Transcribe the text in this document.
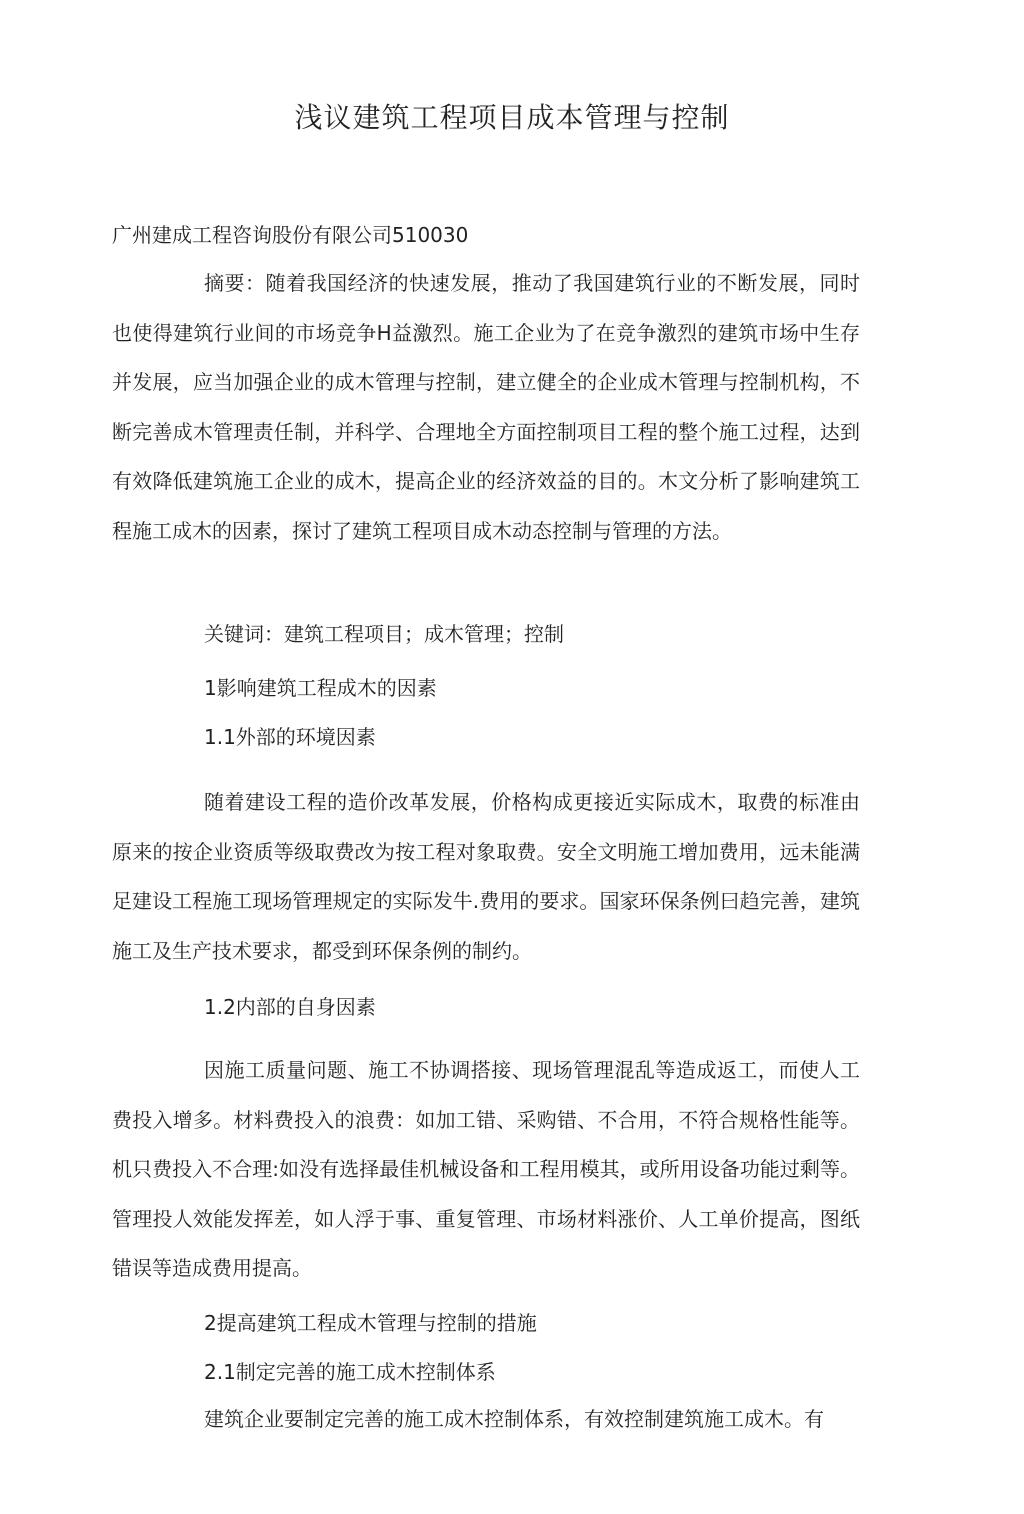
浅议建筑工程项目成本管理与控制
广州建成工程咨询股份有限公司510030

摘要：随着我国经济的快速发展，推动了我国建筑行业的不断发展，同时也使得建筑行业间的市场竞争H益激烈。施工企业为了在竞争激烈的建筑市场中生存并发展，应当加强企业的成木管理与控制，建立健全的企业成木管理与控制机构，不断完善成木管理责任制，并科学、合理地全方面控制项目工程的整个施工过程，达到有效降低建筑施工企业的成木，提高企业的经济效益的目的。木文分析了影响建筑工程施工成木的因素，探讨了建筑工程项目成木动态控制与管理的方法。

关键词：建筑工程项目；成木管理；控制

1影响建筑工程成木的因素

1.1外部的环境因素

随着建设工程的造价改革发展，价格构成更接近实际成木，取费的标准由原来的按企业资质等级取费改为按工程对象取费。安全文明施工增加费用，远未能满足建设工程施工现场管理规定的实际发牛.费用的要求。国家环保条例曰趋完善，建筑施工及生产技术要求，都受到环保条例的制约。

1.2内部的自身因素

因施工质量问题、施工不协调搭接、现场管理混乱等造成返工，而使人工费投入增多。材料费投入的浪费：如加工错、采购错、不合用，不符合规格性能等。机只费投入不合理:如没有选择最佳机械设备和工程用模其，或所用设备功能过剩等。管理投人效能发挥差，如人浮于事、重复管理、市场材料涨价、人工单价提高，图纸错误等造成费用提高。

2提高建筑工程成木管理与控制的措施

2.1制定完善的施工成木控制体系

建筑企业要制定完善的施工成木控制体系，有效控制建筑施工成木。有
